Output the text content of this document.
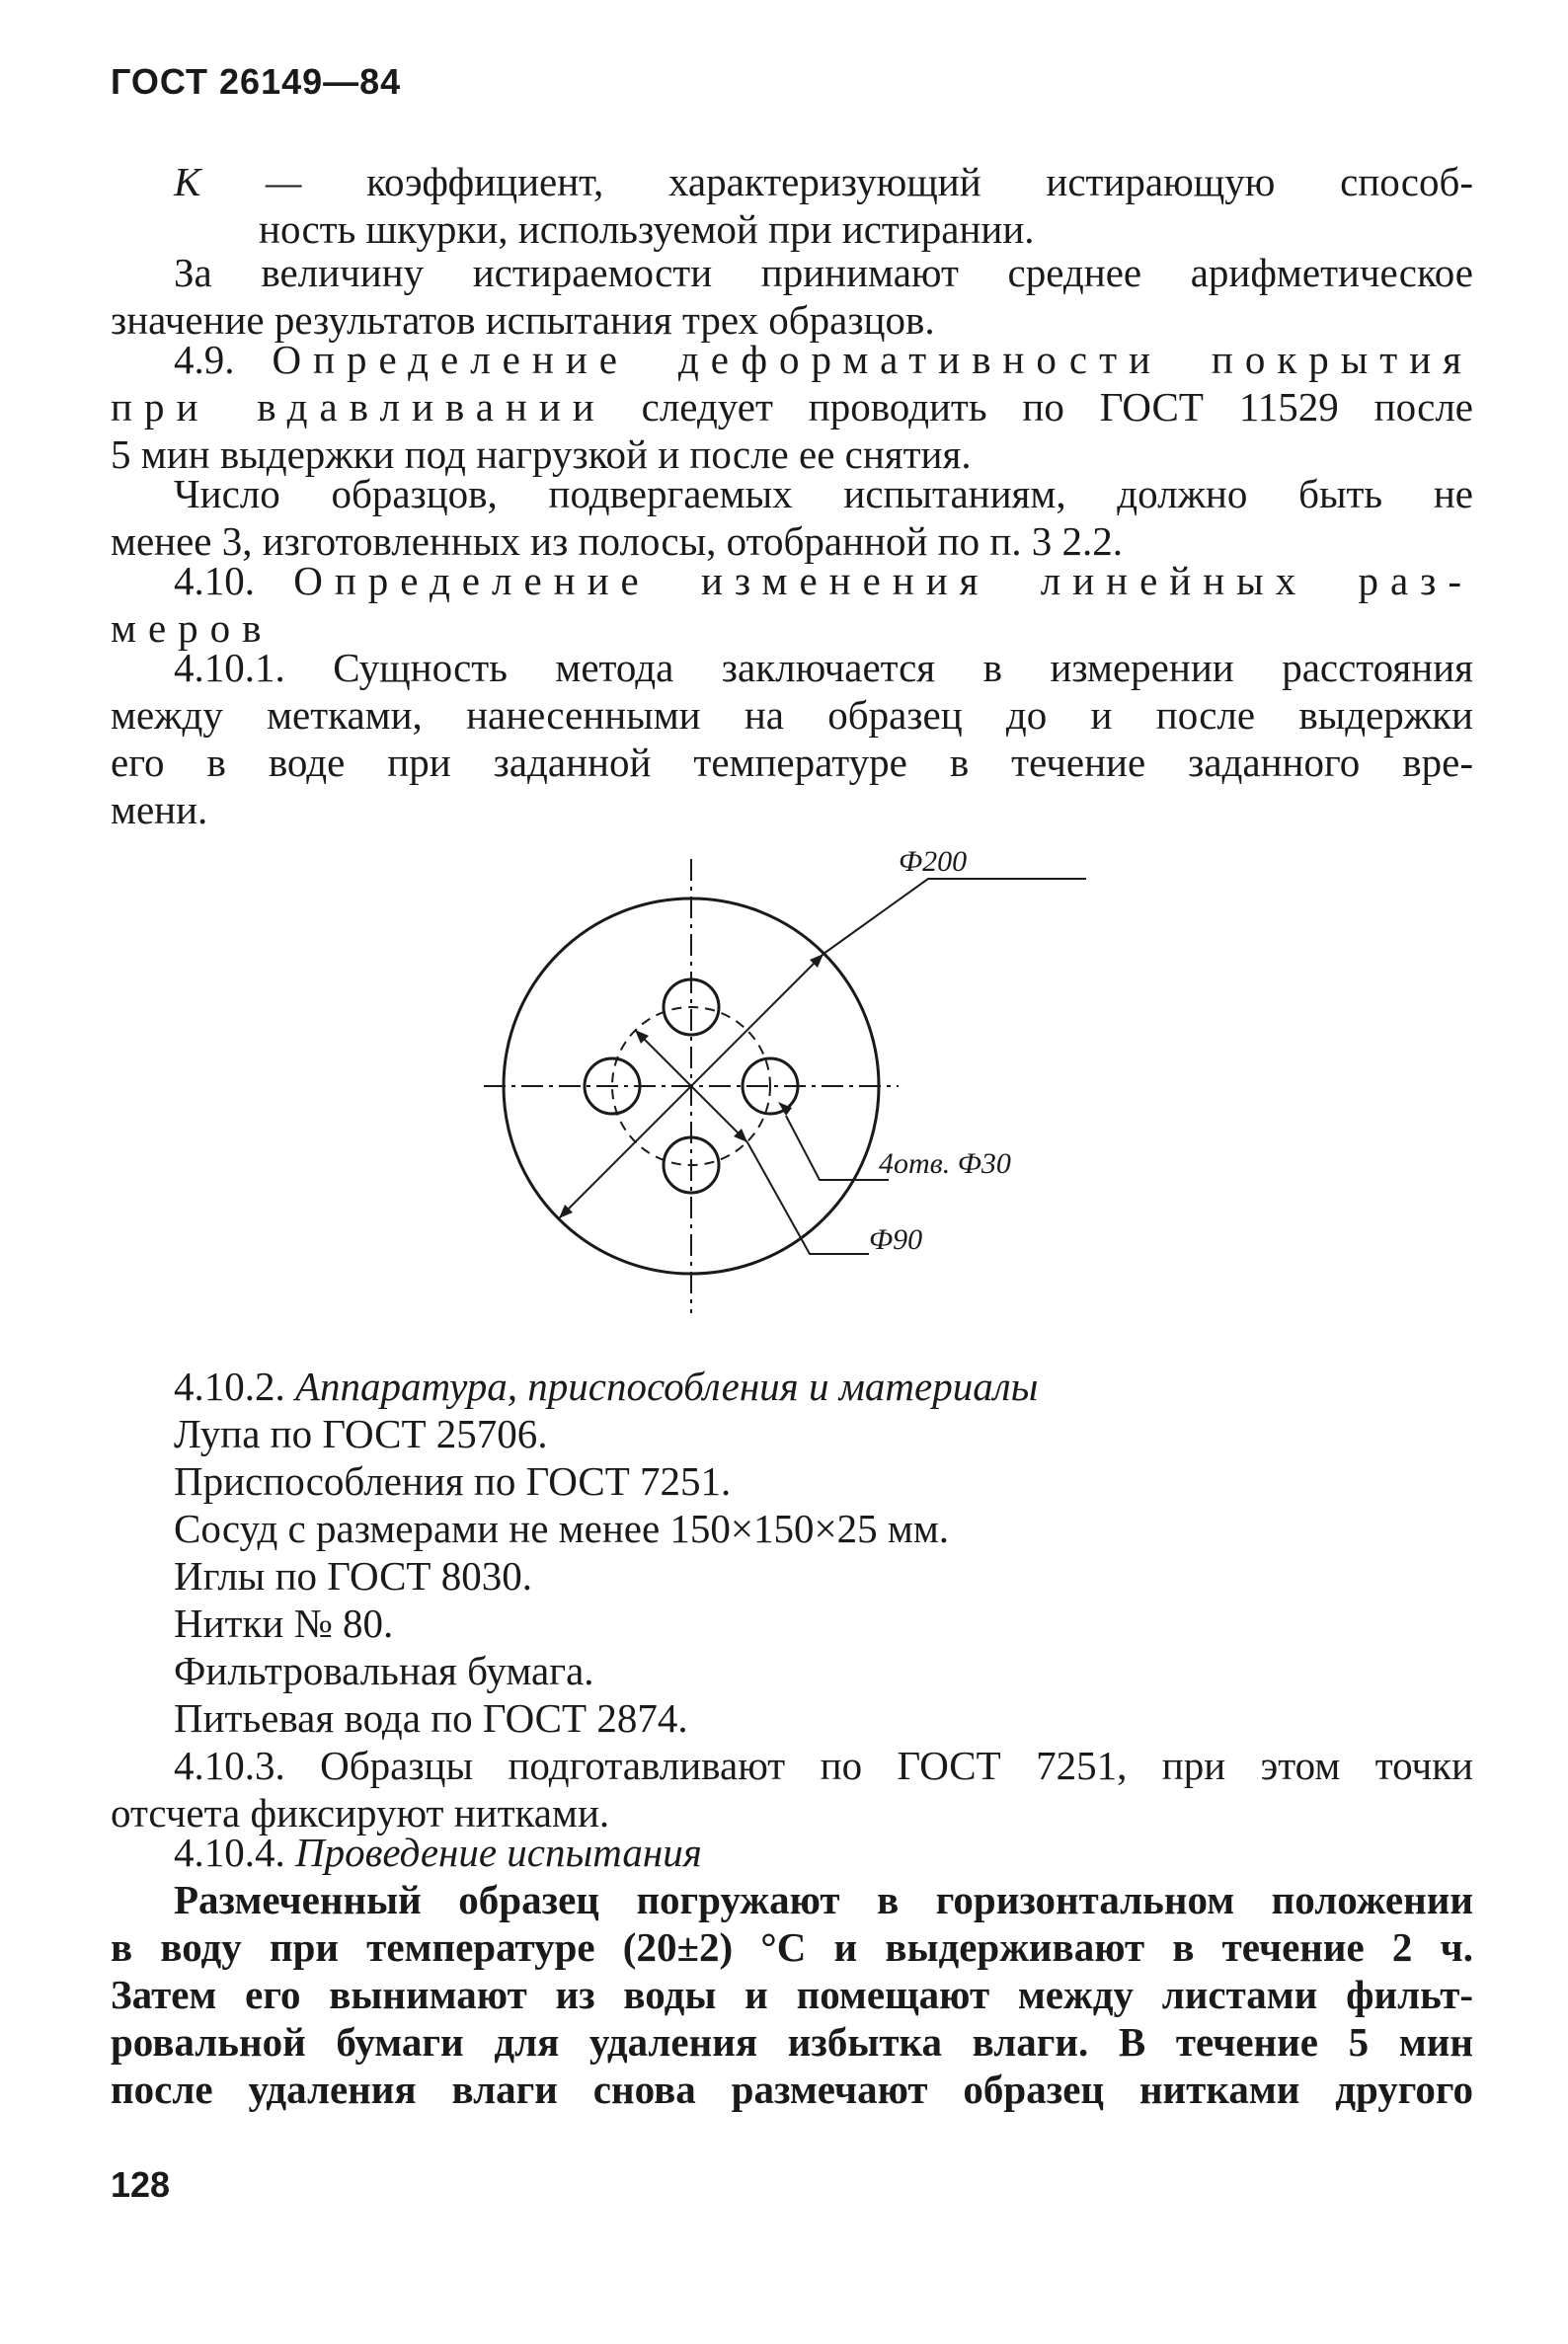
ГОСТ 26149—84
К — коэффициент, характеризующий истирающую способ-
ность шкурки, используемой при истирании.
За величину истираемости принимают среднее арифметическое
значение результатов испытания трех образцов.
4.9. Определение деформативности покрытия
при вдавливании следует проводить по ГОСТ 11529 после
5 мин выдержки под нагрузкой и после ее снятия.
Число образцов, подвергаемых испытаниям, должно быть не
менее 3, изготовленных из полосы, отобранной по п. 3 2.2.
4.10. Определение изменения линейных раз-
меров
4.10.1. Сущность метода заключается в измерении расстояния
между метками, нанесенными на образец до и после выдержки
его в воде при заданной температуре в течение заданного вре-
мени.
Ф200
4отв. Ф30
Ф90
4.10.2. Аппаратура, приспособления и материалы
Лупа по ГОСТ 25706.
Приспособления по ГОСТ 7251.
Сосуд с размерами не менее 150×150×25 мм.
Иглы по ГОСТ 8030.
Нитки № 80.
Фильтровальная бумага.
Питьевая вода по ГОСТ 2874.
4.10.3. Образцы подготавливают по ГОСТ 7251, при этом точки
отсчета фиксируют нитками.
4.10.4. Проведение испытания
Размеченный образец погружают в горизонтальном положении
в воду при температуре (20±2) °С и выдерживают в течение 2 ч.
Затем его вынимают из воды и помещают между листами фильт-
ровальной бумаги для удаления избытка влаги. В течение 5 мин
после удаления влаги снова размечают образец нитками другого
128
